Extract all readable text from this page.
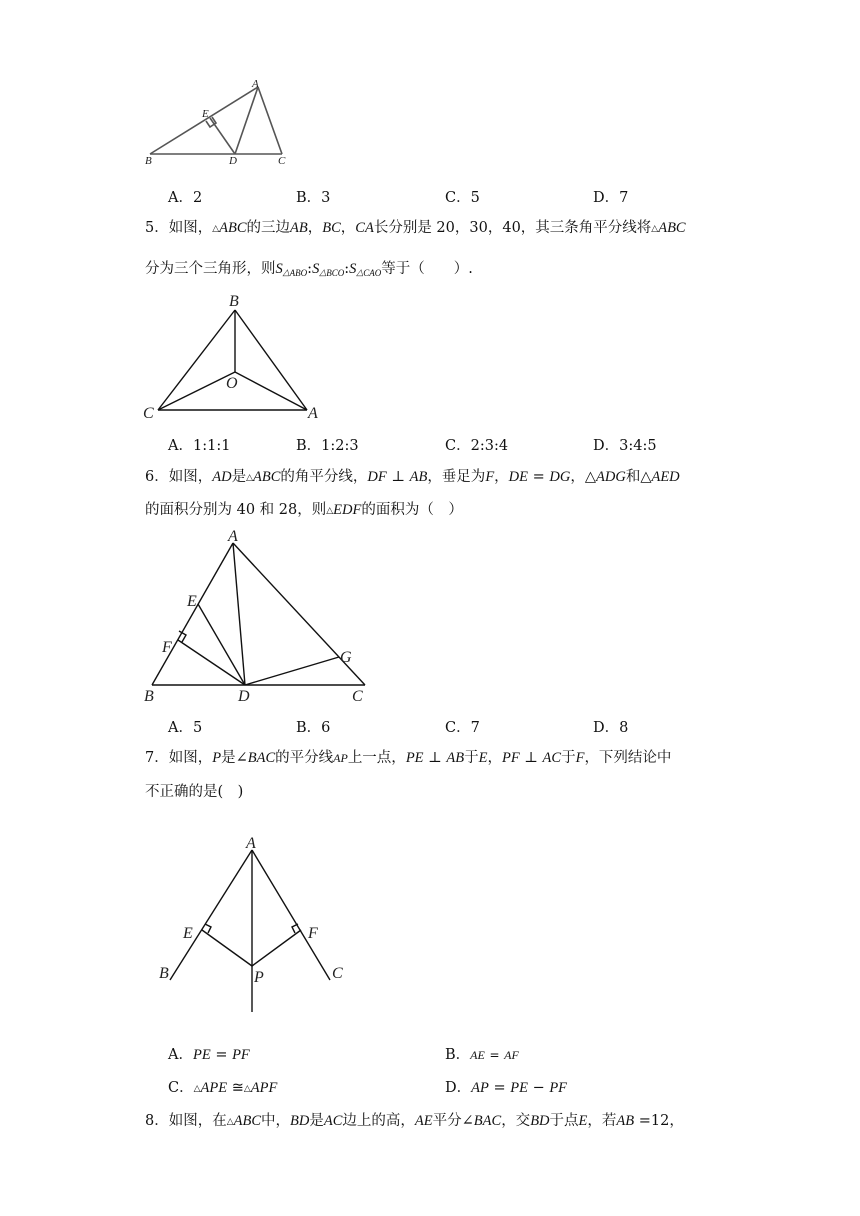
A
E
B	D	C
A．2	B．3	C．5	D．7
5．如图，△ABC的三边AB，BC，CA长分别是 20，30，40，其三条角平分线将△ABC
分为三个三角形，则$S_{\triangle ABO}:S_{\triangle BCO}:S_{\triangle CAO}$等于（　　）.
B
O
C	A
A．1:1:1	B．1:2:3	C．2:3:4	D．3:4:5
6．如图，AD是△ABC的角平分线，DF ⊥ AB，垂足为F，DE = DG，△ADG和△AED
的面积分别为 40 和 28，则△EDF的面积为（　）
A
E
F
G
B	D	C
A．5	B．6	C．7	D．8
7．如图，P是∠BAC的平分线AP上一点，PE ⊥ AB于E，PF ⊥ AC于F，下列结论中
不正确的是(　)
A
E	F
B	P	C
A．PE = PF	B．AE = AF
C．△APE ≅△APF	D．AP = PE − PF
8．如图，在△ABC中，BD是AC边上的高，AE平分∠BAC，交BD于点E，若AB =12，
